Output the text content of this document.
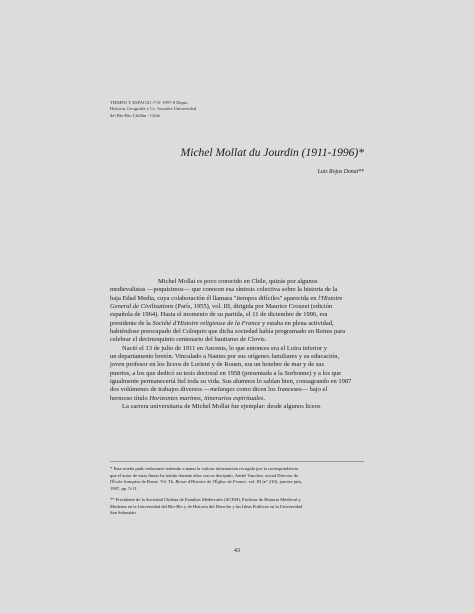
TIEMPO Y ESPACIO /7-8/ 1997-8 Depto.
Historia, Geografía y Cs. Sociales Universidad
del Bío-Bío Chillán - Chile
Michel Mollat du Jourdin (1911-1996)*
Luis Rojas Donat**
Michel Mollat es poco conocido en Chile, quizás por algunos
medievalistas —poquísimos— que conocen esa síntesis colectiva sobre la historia de la
baja Edad Media, cuya colaboración él llamara "tiempos difíciles" aparecida en l'Histoire
General de Civilisations (París, 1955), vol. III, dirigida por Maurice Crouzet (edición
española de 1964). Hasta el momento de su partida, el 11 de diciembre de 1996, era
presidente de la Société d'Histoire religieuse de la France y estaba en plena actividad,
habiéndose preocupado del Coloquio que dicha sociedad había programado en Reims para
celebrar el decimoquinto centenario del bautismo de Clovis.
Nació el 13 de julio de 1911 en Ancenis, lo que entonces era el Loira inferior y
un departamento bretón. Vinculado a Nantes por sus orígenes familiares y su educación,
joven profesor en los liceos de Lorient y de Rouen, era un hombre de mar y de sus
puertos, a los que dedicó su tesis doctoral en 1958 (presentada a la Sorbonne) y a los que
igualmente permaneceriá fiel toda su vida. Sus alumnos lo sabían bien, consagrando en 1987
dos volúmenes de trabajos diversos —melanges como dicen los franceses— bajo el
hermoso título Horizontes marinos, itinerarios espirituales.
La carrera universitaria de Michel Mollat fue ejemplar: desde algunos liceos
* Esta reseña pudo redactarse teniendo a mano la valiosa información recogida por la correspondencia
que el autor de estas líneas ha tenido durante años con su discípulo, André Vauchez, actual Director de
l'École française de Rome. Vd. Th. Revue d'Histoire de l'Église de France, vol. 83 (nº 210), janvier-juin,
1997, pp. 5-11.
** Presidente de la Sociedad Chilena de Estudios Medievales (SCEM), Profesor de Historia Medieval y
Moderna en la Universidad del Bío-Bío y de Historia del Derecho y las Ideas Políticas en la Universidad
San Sebastián.
43
